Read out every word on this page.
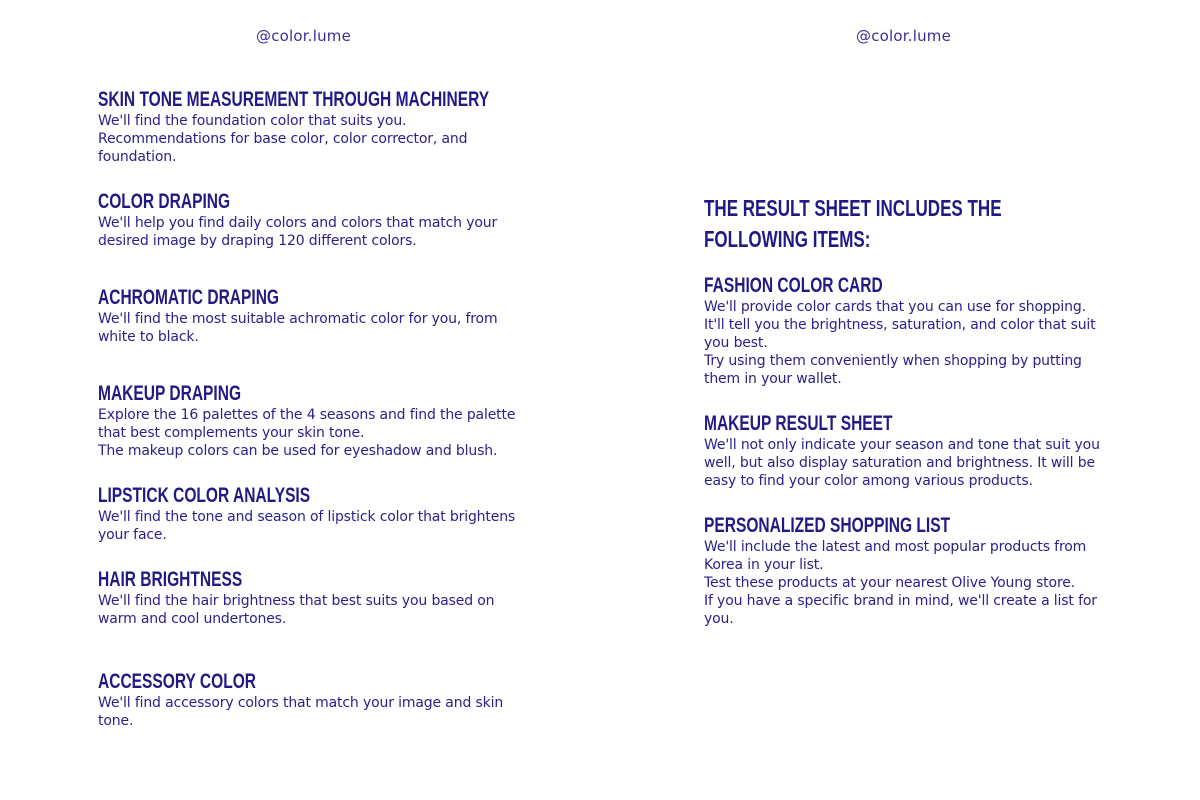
@color.lume	@color.lume
SKIN TONE MEASUREMENT THROUGH MACHINERY

We'll find the foundation color that suits you.
Recommendations for base color, color corrector, and foundation.

COLOR DRAPING

We'll help you find daily colors and colors that match your desired image by draping 120 different colors.

ACHROMATIC DRAPING

We'll find the most suitable achromatic color for you, from white to black.

MAKEUP DRAPING

Explore the 16 palettes of the 4 seasons and find the palette that best complements your skin tone.
The makeup colors can be used for eyeshadow and blush.

LIPSTICK COLOR ANALYSIS

We'll find the tone and season of lipstick color that brightens your face.

HAIR BRIGHTNESS

We'll find the hair brightness that best suits you based on warm and cool undertones.

ACCESSORY COLOR

We'll find accessory colors that match your image and skin tone.

THE RESULT SHEET INCLUDES THE FOLLOWING ITEMS:
FASHION COLOR CARD

We'll provide color cards that you can use for shopping.
It'll tell you the brightness, saturation, and color that suit you best.
Try using them conveniently when shopping by putting them in your wallet.

MAKEUP RESULT SHEET

We'll not only indicate your season and tone that suit you well, but also display saturation and brightness. It will be easy to find your color among various products.

PERSONALIZED SHOPPING LIST

We'll include the latest and most popular products from Korea in your list.
Test these products at your nearest Olive Young store.
If you have a specific brand in mind, we'll create a list for you.
